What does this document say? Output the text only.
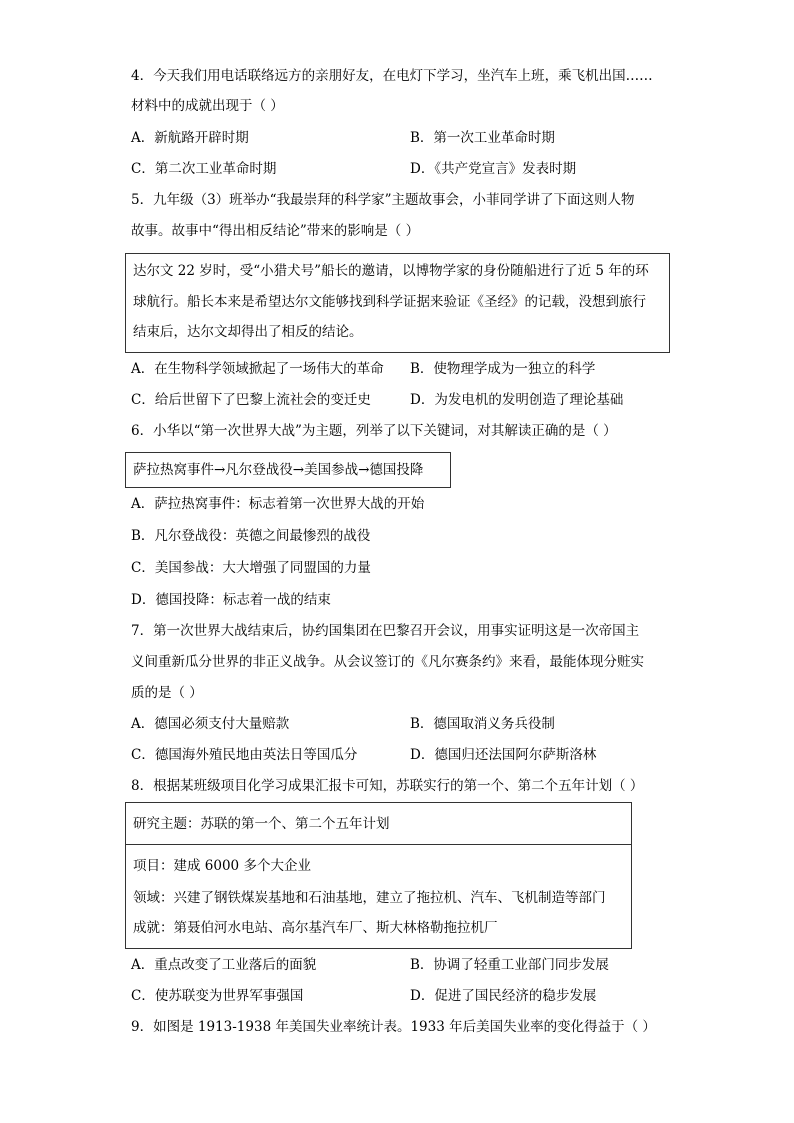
4．今天我们用电话联络远方的亲朋好友，在电灯下学习，坐汽车上班，乘飞机出国……
材料中的成就出现于（ ）
A．新航路开辟时期	B．第一次工业革命时期
C．第二次工业革命时期	D．《共产党宣言》发表时期
5．九年级（3）班举办“我最崇拜的科学家”主题故事会，小菲同学讲了下面这则人物
故事。故事中“得出相反结论”带来的影响是（ ）
达尔文 22 岁时，受“小猎犬号”船长的邀请，以博物学家的身份随船进行了近 5 年的环
球航行。船长本来是希望达尔文能够找到科学证据来验证《圣经》的记载，没想到旅行
结束后，达尔文却得出了相反的结论。
A．在生物科学领域掀起了一场伟大的革命 B．使物理学成为一独立的科学
C．给后世留下了巴黎上流社会的变迁史	D．为发电机的发明创造了理论基础
6．小华以“第一次世界大战”为主题，列举了以下关键词，对其解读正确的是（ ）
萨拉热窝事件→凡尔登战役→美国参战→德国投降
A．萨拉热窝事件：标志着第一次世界大战的开始
B．凡尔登战役：英德之间最惨烈的战役
C．美国参战：大大增强了同盟国的力量
D．德国投降：标志着一战的结束
7．第一次世界大战结束后，协约国集团在巴黎召开会议，用事实证明这是一次帝国主
义间重新瓜分世界的非正义战争。从会议签订的《凡尔赛条约》来看，最能体现分赃实
质的是（ ）
A．德国必须支付大量赔款	B．德国取消义务兵役制
C．德国海外殖民地由英法日等国瓜分	D．德国归还法国阿尔萨斯洛林
8．根据某班级项目化学习成果汇报卡可知，苏联实行的第一个、第二个五年计划（ ）
研究主题：苏联的第一个、第二个五年计划
项目：建成 6000 多个大企业
领域：兴建了钢铁煤炭基地和石油基地，建立了拖拉机、汽车、飞机制造等部门
成就：第聂伯河水电站、高尔基汽车厂、斯大林格勒拖拉机厂
A．重点改变了工业落后的面貌	B．协调了轻重工业部门同步发展
C．使苏联变为世界军事强国	D．促进了国民经济的稳步发展
9．如图是 1913-1938 年美国失业率统计表。1933 年后美国失业率的变化得益于（ ）
